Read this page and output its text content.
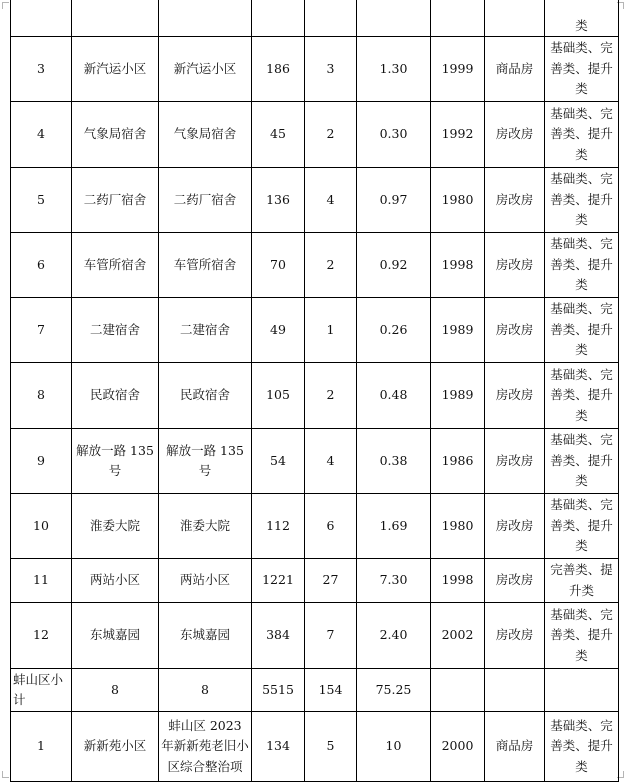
								类
3	新汽运小区	新汽运小区	186	3	1.30	1999	商品房	基础类、完善类、提升类
4	气象局宿舍	气象局宿舍	45	2	0.30	1992	房改房	基础类、完善类、提升类
5	二药厂宿舍	二药厂宿舍	136	4	0.97	1980	房改房	基础类、完善类、提升类
6	车管所宿舍	车管所宿舍	70	2	0.92	1998	房改房	基础类、完善类、提升类
7	二建宿舍	二建宿舍	49	1	0.26	1989	房改房	基础类、完善类、提升类
8	民政宿舍	民政宿舍	105	2	0.48	1989	房改房	基础类、完善类、提升类
9	解放一路 135 号	解放一路 135 号	54	4	0.38	1986	房改房	基础类、完善类、提升类
10	淮委大院	淮委大院	112	6	1.69	1980	房改房	基础类、完善类、提升类
11	两站小区	两站小区	1221	27	7.30	1998	房改房	完善类、提升类
12	东城嘉园	东城嘉园	384	7	2.40	2002	房改房	基础类、完善类、提升类
蚌山区小计	8	8	5515	154	75.25			
1	新新苑小区	蚌山区 2023 年新新苑老旧小区综合整治项	134	5	10	2000	商品房	基础类、完善类、提升类
